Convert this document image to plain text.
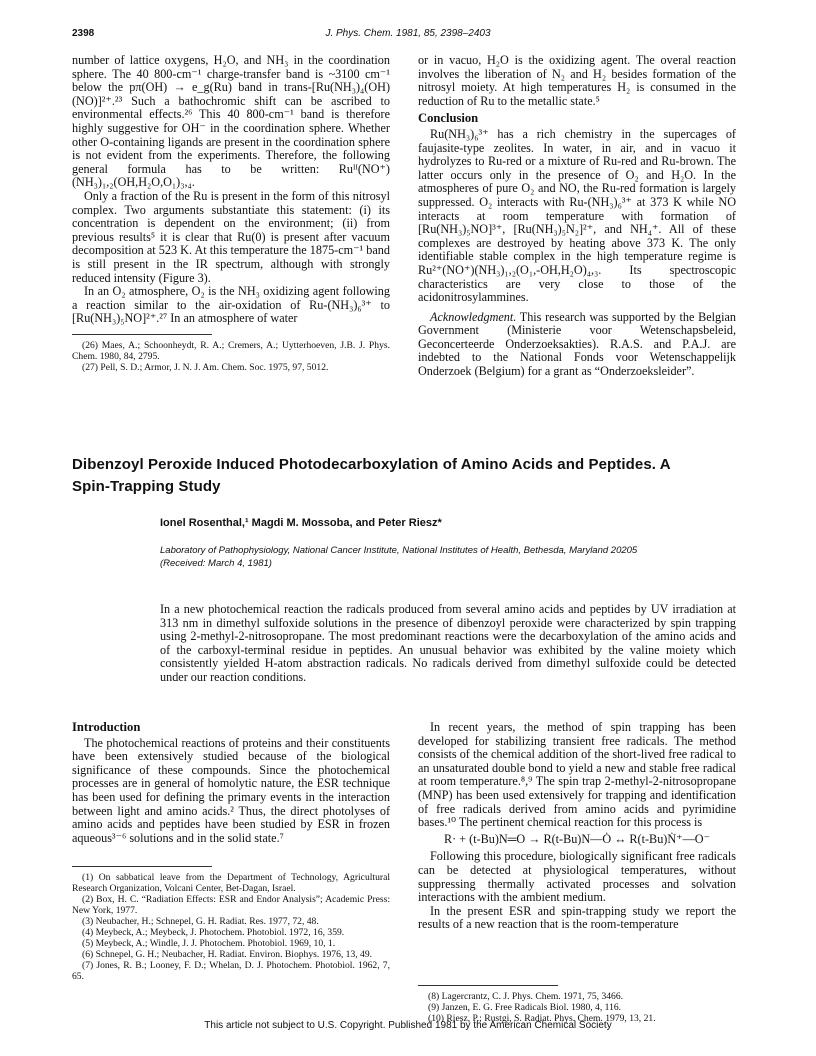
2398	J. Phys. Chem. 1981, 85, 2398–2403

number of lattice oxygens, H₂O, and NH₃ in the coordination sphere. The 40 800-cm⁻¹ charge-transfer band is ~3100 cm⁻¹ below the pπ(OH) → e_g(Ru) band in trans-[Ru(NH₃)₄(OH)(NO)]²⁺.²³ Such a bathochromic shift can be ascribed to environmental effects.²⁶ This 40 800-cm⁻¹ band is therefore highly suggestive for OH⁻ in the coordination sphere. Whether other O-containing ligands are present in the coordination sphere is not evident from the experiments. Therefore, the following general formula has to be written: Ruᴵᴵ(NO⁺)(NH₃)₁,₂(OH,H₂O,O₁)₃,₄.

Only a fraction of the Ru is present in the form of this nitrosyl complex. Two arguments substantiate this statement: (i) its concentration is dependent on the environment; (ii) from previous results⁵ it is clear that Ru(0) is present after vacuum decomposition at 523 K. At this temperature the 1875-cm⁻¹ band is still present in the IR spectrum, although with strongly reduced intensity (Figure 3).

In an O₂ atmosphere, O₂ is the NH₃ oxidizing agent following a reaction similar to the air-oxidation of Ru-(NH₃)₆³⁺ to [Ru(NH₃)₅NO]²⁺.²⁷ In an atmosphere of water

(26) Maes, A.; Schoonheydt, R. A.; Cremers, A.; Uytterhoeven, J.B. J. Phys. Chem. 1980, 84, 2795.

(27) Pell, S. D.; Armor, J. N. J. Am. Chem. Soc. 1975, 97, 5012.

or in vacuo, H₂O is the oxidizing agent. The overal reaction involves the liberation of N₂ and H₂ besides formation of the nitrosyl moiety. At high temperatures H₂ is consumed in the reduction of Ru to the metallic state.⁵

Conclusion

Ru(NH₃)₆³⁺ has a rich chemistry in the supercages of faujasite-type zeolites. In water, in air, and in vacuo it hydrolyzes to Ru-red or a mixture of Ru-red and Ru-brown. The latter occurs only in the presence of O₂ and H₂O. In the atmospheres of pure O₂ and NO, the Ru-red formation is largely suppressed. O₂ interacts with Ru-(NH₃)₆³⁺ at 373 K while NO interacts at room temperature with formation of [Ru(NH₃)₅NO]³⁺, [Ru(NH₃)₅N₂]²⁺, and NH₄⁺. All of these complexes are destroyed by heating above 373 K. The only identifiable stable complex in the high temperature regime is Ru²⁺(NO⁺)(NH₃)₁,₂(O₁,-OH,H₂O)₄,₃. Its spectroscopic characteristics are very close to those of the acidonitrosylammines.

Acknowledgment. This research was supported by the Belgian Government (Ministerie voor Wetenschapsbeleid, Geconcerteerde Onderzoeksakties). R.A.S. and P.A.J. are indebted to the National Fonds voor Wetenschappelijk Onderzoek (Belgium) for a grant as “Onderzoeksleider”.

Dibenzoyl Peroxide Induced Photodecarboxylation of Amino Acids and Peptides. A
Spin-Trapping Study
Ionel Rosenthal,¹ Magdi M. Mossoba, and Peter Riesz*
Laboratory of Pathophysiology, National Cancer Institute, National Institutes of Health, Bethesda, Maryland 20205
(Received: March 4, 1981)
In a new photochemical reaction the radicals produced from several amino acids and peptides by UV irradiation at 313 nm in dimethyl sulfoxide solutions in the presence of dibenzoyl peroxide were characterized by spin trapping using 2-methyl-2-nitrosopropane. The most predominant reactions were the decarboxylation of the amino acids and of the carboxyl-terminal residue in peptides. An unusual behavior was exhibited by the valine moiety which consistently yielded H-atom abstraction radicals. No radicals derived from dimethyl sulfoxide could be detected under our reaction conditions.
Introduction

The photochemical reactions of proteins and their constituents have been extensively studied because of the biological significance of these compounds. Since the photochemical processes are in general of homolytic nature, the ESR technique has been used for defining the primary events in the interaction between light and amino acids.² Thus, the direct photolyses of amino acids and peptides have been studied by ESR in frozen aqueous³⁻⁶ solutions and in the solid state.⁷

(1) On sabbatical leave from the Department of Technology, Agricultural Research Organization, Volcani Center, Bet-Dagan, Israel.

(2) Box, H. C. “Radiation Effects: ESR and Endor Analysis”; Academic Press: New York, 1977.

(3) Neubacher, H.; Schnepel, G. H. Radiat. Res. 1977, 72, 48.

(4) Meybeck, A.; Meybeck, J. Photochem. Photobiol. 1972, 16, 359.

(5) Meybeck, A.; Windle, J. J. Photochem. Photobiol. 1969, 10, 1.

(6) Schnepel, G. H.; Neubacher, H. Radiat. Environ. Biophys. 1976, 13, 49.

(7) Jones, R. B.; Looney, F. D.; Whelan, D. J. Photochem. Photobiol. 1962, 7, 65.

In recent years, the method of spin trapping has been developed for stabilizing transient free radicals. The method consists of the chemical addition of the short-lived free radical to an unsaturated double bond to yield a new and stable free radical at room temperature.⁸,⁹ The spin trap 2-methyl-2-nitrosopropane (MNP) has been used extensively for trapping and identification of free radicals derived from amino acids and pyrimidine bases.¹⁰ The pertinent chemical reaction for this process is

R· + (t-Bu)N═O → R(t-Bu)N—Ȯ ↔ R(t-Bu)Ṅ⁺—O⁻

Following this procedure, biologically significant free radicals can be detected at physiological temperatures, without suppressing thermally activated processes and solvation interactions with the ambient medium.

In the present ESR and spin-trapping study we report the results of a new reaction that is the room-temperature

(8) Lagercrantz, C. J. Phys. Chem. 1971, 75, 3466.

(9) Janzen, E. G. Free Radicals Biol. 1980, 4, 116.

(10) Riesz, P.; Rustgi, S. Radiat. Phys. Chem. 1979, 13, 21.

This article not subject to U.S. Copyright. Published 1981 by the American Chemical Society
